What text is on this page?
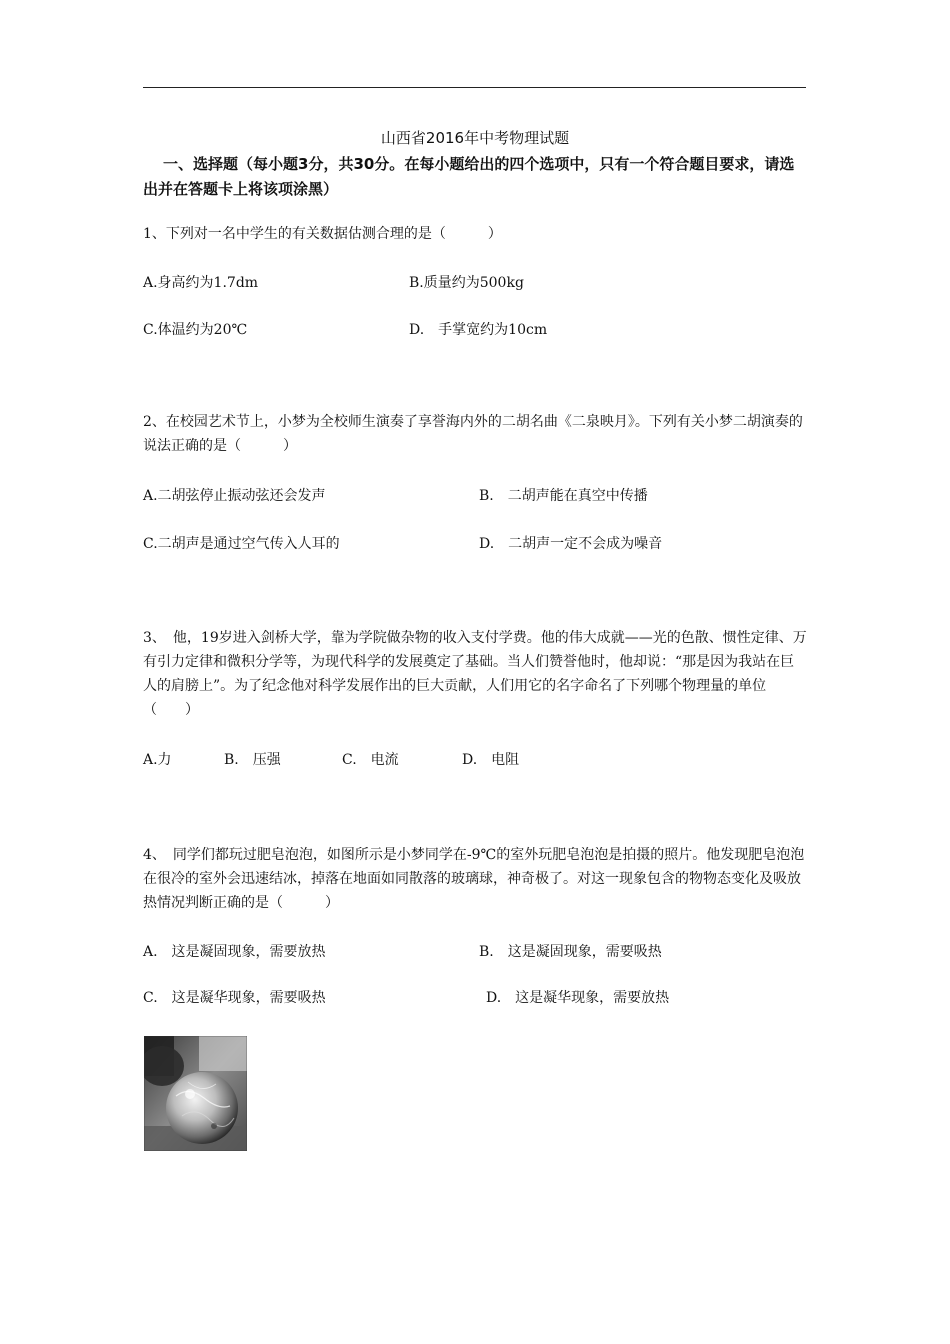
山西省2016年中考物理试题
一、选择题（每小题3分，共30分。在每小题给出的四个选项中，只有一个符合题目要求，请选出并在答题卡上将该项涂黑）
1、下列对一名中学生的有关数据估测合理的是（　　　）
A.身高约为1.7dm	B.质量约为500kg
C.体温约为20℃	D.　手掌宽约为10cm
2、在校园艺术节上，小梦为全校师生演奏了享誉海内外的二胡名曲《二泉映月》。下列有关小梦二胡演奏的说法正确的是（　　　）
A.二胡弦停止振动弦还会发声	B.　二胡声能在真空中传播
C.二胡声是通过空气传入人耳的	D.　二胡声一定不会成为噪音
3、　他，19岁进入剑桥大学，靠为学院做杂物的收入支付学费。他的伟大成就——光的色散、惯性定律、万有引力定律和微积分学等，为现代科学的发展奠定了基础。当人们赞誉他时，他却说：“那是因为我站在巨人的肩膀上”。为了纪念他对科学发展作出的巨大贡献，人们用它的名字命名了下列哪个物理量的单位（　　）
A.力	B.　压强	C.　电流	D.　电阻
4、　同学们都玩过肥皂泡泡，如图所示是小梦同学在-9℃的室外玩肥皂泡泡是拍摄的照片。他发现肥皂泡泡在很冷的室外会迅速结冰，掉落在地面如同散落的玻璃球，神奇极了。对这一现象包含的物物态变化及吸放热情况判断正确的是（　　　）
A.　这是凝固现象，需要放热	B.　这是凝固现象，需要吸热
C.　这是凝华现象，需要吸热	D.　这是凝华现象，需要放热
